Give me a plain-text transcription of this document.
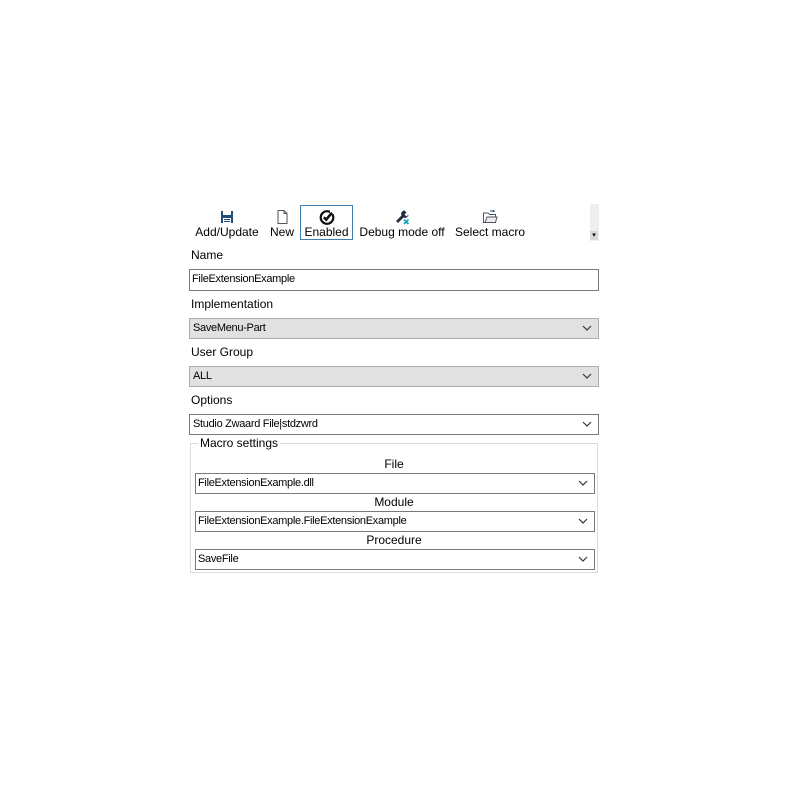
Add/Update New Enabled Debug mode off Select macro	▾
Name
FileExtensionExample
Implementation
SaveMenu-Part
User Group
ALL
Options
Studio Zwaard File|stdzwrd
Macro settings
File
FileExtensionExample.dll
Module
FileExtensionExample.FileExtensionExample
Procedure
SaveFile
